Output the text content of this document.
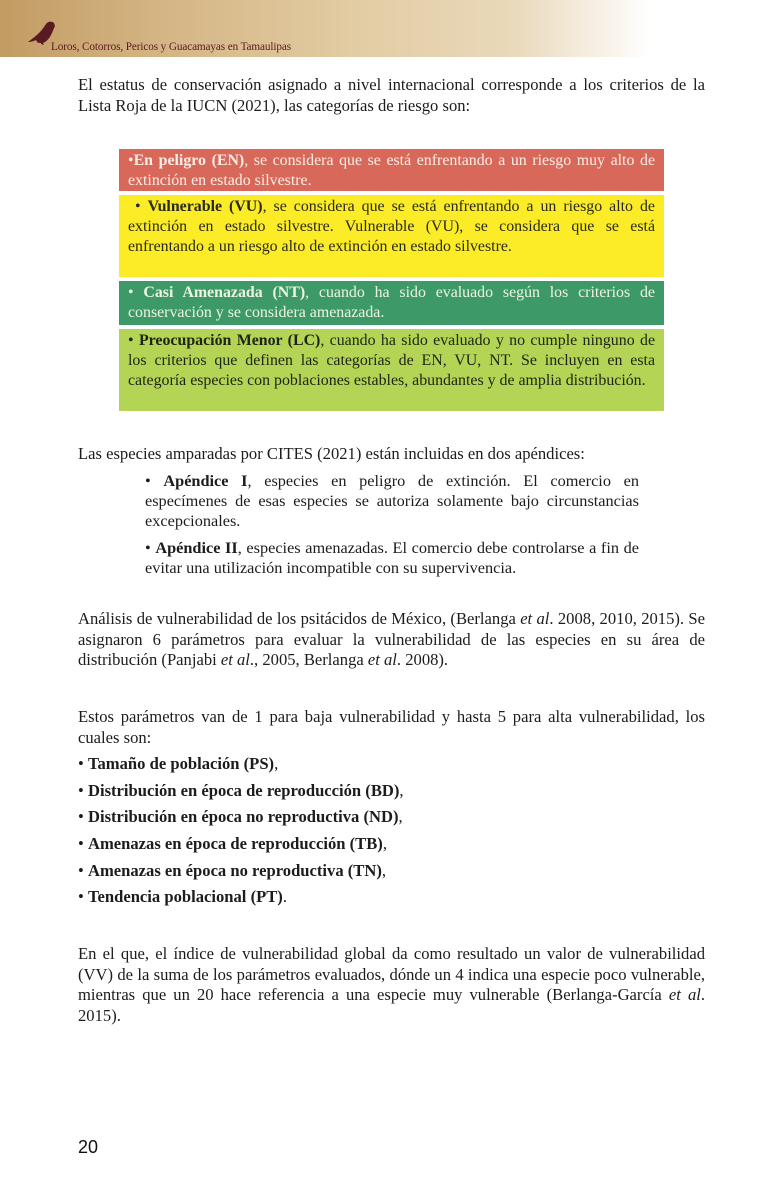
Loros, Cotorros, Pericos y Guacamayas en Tamaulipas
El estatus de conservación asignado a nivel internacional corresponde a los criterios de la Lista Roja de la IUCN (2021), las categorías de riesgo son:
•En peligro (EN), se considera que se está enfrentando a un riesgo muy alto de extinción en estado silvestre.
• Vulnerable (VU), se considera que se está enfrentando a un riesgo alto de extinción en estado silvestre. Vulnerable (VU), se considera que se está enfrentando a un riesgo alto de extinción en estado silvestre.
• Casi Amenazada (NT), cuando ha sido evaluado según los criterios de conservación y se considera amenazada.
• Preocupación Menor (LC), cuando ha sido evaluado y no cumple ninguno de los criterios que definen las categorías de EN, VU, NT. Se incluyen en esta categoría especies con poblaciones estables, abundantes y de amplia distribución.
Las especies amparadas por CITES (2021) están incluidas en dos apéndices:
• Apéndice I, especies en peligro de extinción. El comercio en especímenes de esas especies se autoriza solamente bajo circunstancias excepcionales.
• Apéndice II, especies amenazadas. El comercio debe controlarse a fin de evitar una utilización incompatible con su supervivencia.
Análisis de vulnerabilidad de los psitácidos de México, (Berlanga et al. 2008, 2010, 2015). Se asignaron 6 parámetros para evaluar la vulnerabilidad de las especies en su área de distribución (Panjabi et al., 2005, Berlanga et al. 2008).
Estos parámetros van de 1 para baja vulnerabilidad y hasta 5 para alta vulnerabilidad, los cuales son:
• Tamaño de población (PS),
• Distribución en época de reproducción (BD),
• Distribución en época no reproductiva (ND),
• Amenazas en época de reproducción (TB),
• Amenazas en época no reproductiva (TN),
• Tendencia poblacional (PT).
En el que, el índice de vulnerabilidad global da como resultado un valor de vulnerabilidad (VV) de la suma de los parámetros evaluados, dónde un 4 indica una especie poco vulnerable, mientras que un 20 hace referencia a una especie muy vulnerable (Berlanga-García et al. 2015).
20
